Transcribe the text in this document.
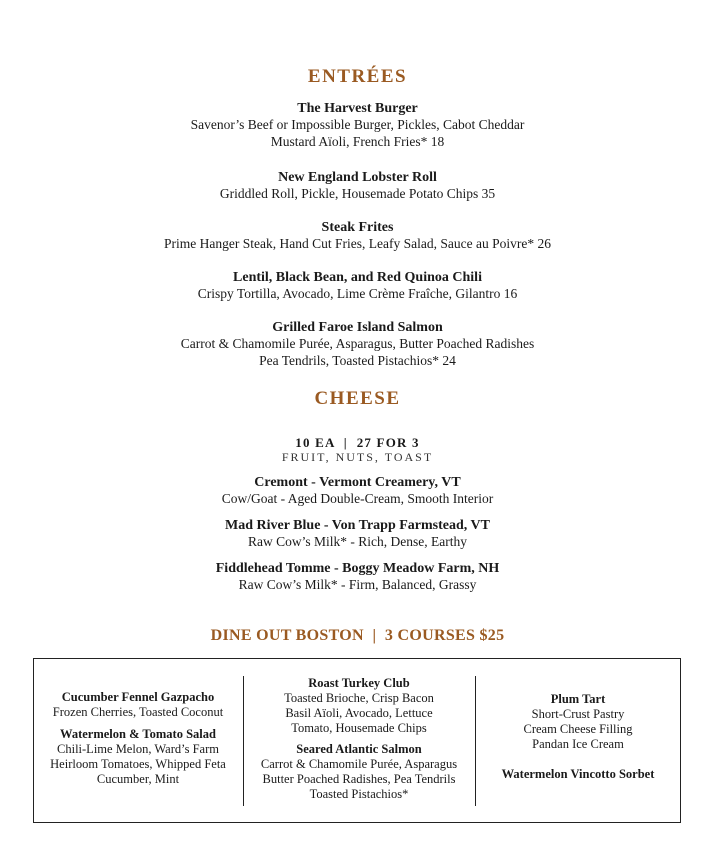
ENTRÉES
The Harvest Burger
Savenor’s Beef or Impossible Burger, Pickles, Cabot Cheddar
Mustard Aïoli, French Fries* 18
New England Lobster Roll
Griddled Roll, Pickle, Housemade Potato Chips 35
Steak Frites
Prime Hanger Steak, Hand Cut Fries, Leafy Salad, Sauce au Poivre* 26
Lentil, Black Bean, and Red Quinoa Chili
Crispy Tortilla, Avocado, Lime Crème Fraîche, Gilantro 16
Grilled Faroe Island Salmon
Carrot & Chamomile Purée, Asparagus, Butter Poached Radishes
Pea Tendrils, Toasted Pistachios* 24
CHEESE
10 EA  |  27 FOR 3
FRUIT, NUTS, TOAST
Cremont - Vermont Creamery, VT
Cow/Goat - Aged Double-Cream, Smooth Interior
Mad River Blue - Von Trapp Farmstead, VT
Raw Cow’s Milk* - Rich, Dense, Earthy
Fiddlehead Tomme - Boggy Meadow Farm, NH
Raw Cow’s Milk* - Firm, Balanced, Grassy
DINE OUT BOSTON  |  3 COURSES $25
Cucumber Fennel Gazpacho
Frozen Cherries, Toasted Coconut
Watermelon & Tomato Salad
Chili-Lime Melon, Ward’s Farm
Heirloom Tomatoes, Whipped Feta
Cucumber, Mint
Roast Turkey Club
Toasted Brioche, Crisp Bacon
Basil Aïoli, Avocado, Lettuce
Tomato, Housemade Chips
Seared Atlantic Salmon
Carrot & Chamomile Purée, Asparagus
Butter Poached Radishes, Pea Tendrils
Toasted Pistachios*
Plum Tart
Short-Crust Pastry
Cream Cheese Filling
Pandan Ice Cream
Watermelon Vincotto Sorbet
